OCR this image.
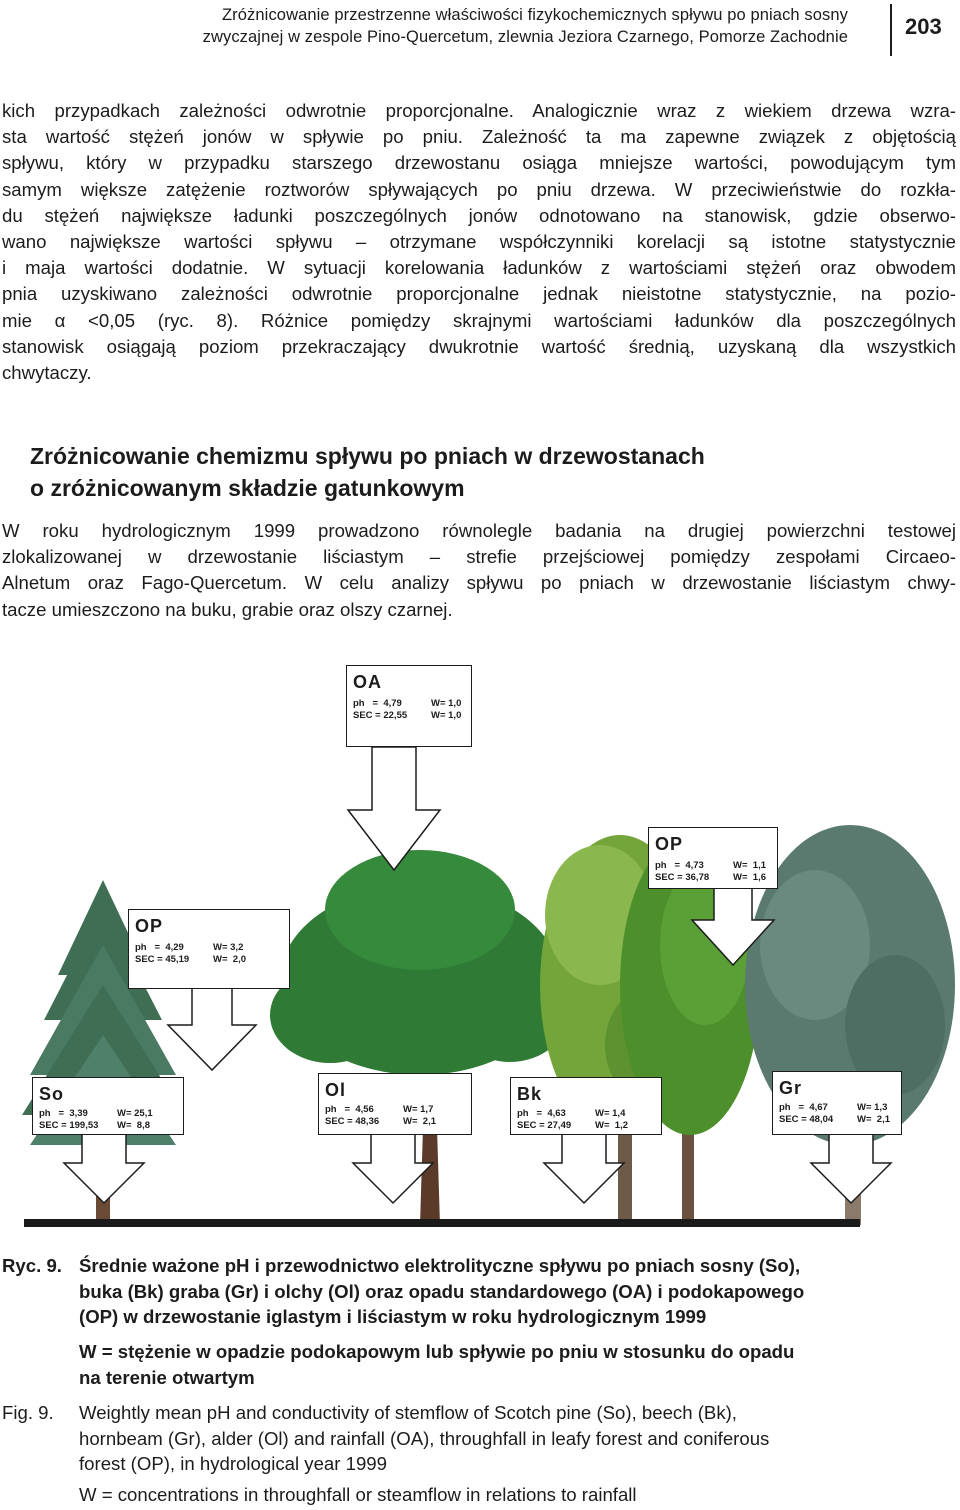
Zróżnicowanie przestrzenne właściwości fizykochemicznych spływu po pniach sosny
zwyczajnej w zespole Pino-Quercetum, zlewnia Jeziora Czarnego, Pomorze Zachodnie	203
kich przypadkach zależności odwrotnie proporcjonalne. Analogicznie wraz z wiekiem drzewa wzra-
sta wartość stężeń jonów w spływie po pniu. Zależność ta ma zapewne związek z objętością
spływu, który w przypadku starszego drzewostanu osiąga mniejsze wartości, powodującym tym
samym większe zatężenie roztworów spływających po pniu drzewa. W przeciwieństwie do rozkła-
du stężeń największe ładunki poszczególnych jonów odnotowano na stanowisk, gdzie obserwo-
wano największe wartości spływu – otrzymane współczynniki korelacji są istotne statystycznie
i maja wartości dodatnie. W sytuacji korelowania ładunków z wartościami stężeń oraz obwodem
pnia uzyskiwano zależności odwrotnie proporcjonalne jednak nieistotne statystycznie, na pozio-
mie α <0,05 (ryc. 8). Różnice pomiędzy skrajnymi wartościami ładunków dla poszczególnych
stanowisk osiągają poziom przekraczający dwukrotnie wartość średnią, uzyskaną dla wszystkich
chwytaczy.
Zróżnicowanie chemizmu spływu po pniach w drzewostanach
o zróżnicowanym składzie gatunkowym
W roku hydrologicznym 1999 prowadzono równolegle badania na drugiej powierzchni testowej
zlokalizowanej w drzewostanie liściastym – strefie przejściowej pomiędzy zespołami Circaeo-
Alnetum oraz Fago-Quercetum. W celu analizy spływu po pniach w drzewostanie liściastym chwy-
tacze umieszczono na buku, grabie oraz olszy czarnej.
OA
ph   =  4,79	W= 1,0
SEC = 22,55	W= 1,0
OP
ph   =  4,73	W=  1,1
SEC = 36,78	W=  1,6
OP
ph   =  4,29	W= 3,2
SEC = 45,19	W=  2,0
So
ph   =  3,39	W= 25,1
SEC = 199,53	W=  8,8
Ol
ph   =  4,56	W= 1,7
SEC = 48,36	W=  2,1
Bk
ph   =  4,63	W= 1,4
SEC = 27,49	W=  1,2
Gr
ph   =  4,67	W= 1,3
SEC = 48,04	W=  2,1
Ryc. 9. Średnie ważone pH i przewodnictwo elektrolityczne spływu po pniach sosny (So),
buka (Bk) graba (Gr) i olchy (Ol) oraz opadu standardowego (OA) i podokapowego
(OP) w drzewostanie iglastym i liściastym w roku hydrologicznym 1999
W = stężenie w opadzie podokapowym lub spływie po pniu w stosunku do opadu
na terenie otwartym
Fig. 9. Weightly mean pH and conductivity of stemflow of Scotch pine (So), beech (Bk),
hornbeam (Gr), alder (Ol) and rainfall (OA), throughfall in leafy forest and coniferous
forest (OP), in hydrological year 1999
W = concentrations in throughfall or steamflow in relations to rainfall
